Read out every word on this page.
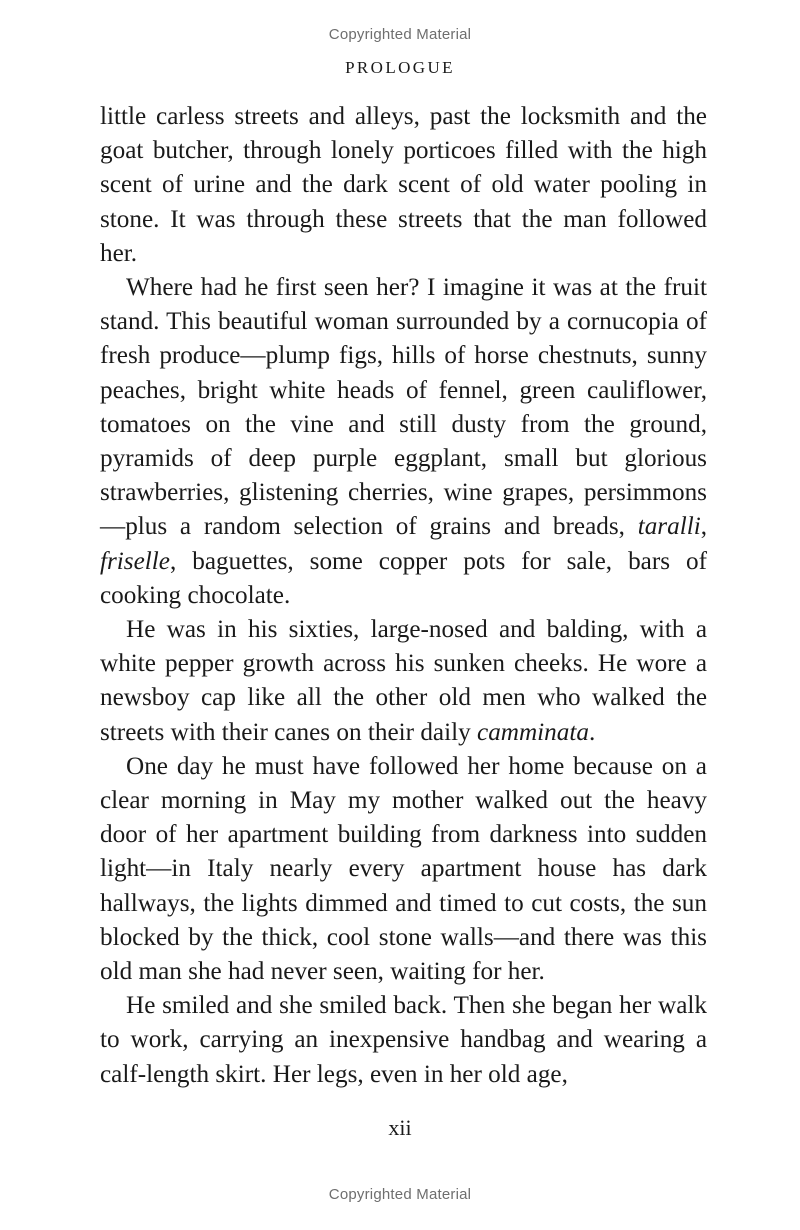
Copyrighted Material
PROLOGUE

little carless streets and alleys, past the locksmith and the goat butcher, through lonely porticoes filled with the high scent of urine and the dark scent of old water pooling in stone. It was through these streets that the man followed her.

Where had he first seen her? I imagine it was at the fruit stand. This beautiful woman surrounded by a cornucopia of fresh produce—plump figs, hills of horse chestnuts, sunny peaches, bright white heads of fennel, green cauliflower, tomatoes on the vine and still dusty from the ground, pyramids of deep purple eggplant, small but glorious strawberries, glistening cherries, wine grapes, persimmons—plus a random selection of grains and breads, taralli, friselle, baguettes, some copper pots for sale, bars of cooking chocolate.

He was in his sixties, large-nosed and balding, with a white pepper growth across his sunken cheeks. He wore a newsboy cap like all the other old men who walked the streets with their canes on their daily camminata.

One day he must have followed her home because on a clear morning in May my mother walked out the heavy door of her apartment building from darkness into sudden light—in Italy nearly every apartment house has dark hallways, the lights dimmed and timed to cut costs, the sun blocked by the thick, cool stone walls—and there was this old man she had never seen, waiting for her.

He smiled and she smiled back. Then she began her walk to work, carrying an inexpensive handbag and wearing a calf-length skirt. Her legs, even in her old age,

xii
Copyrighted Material
